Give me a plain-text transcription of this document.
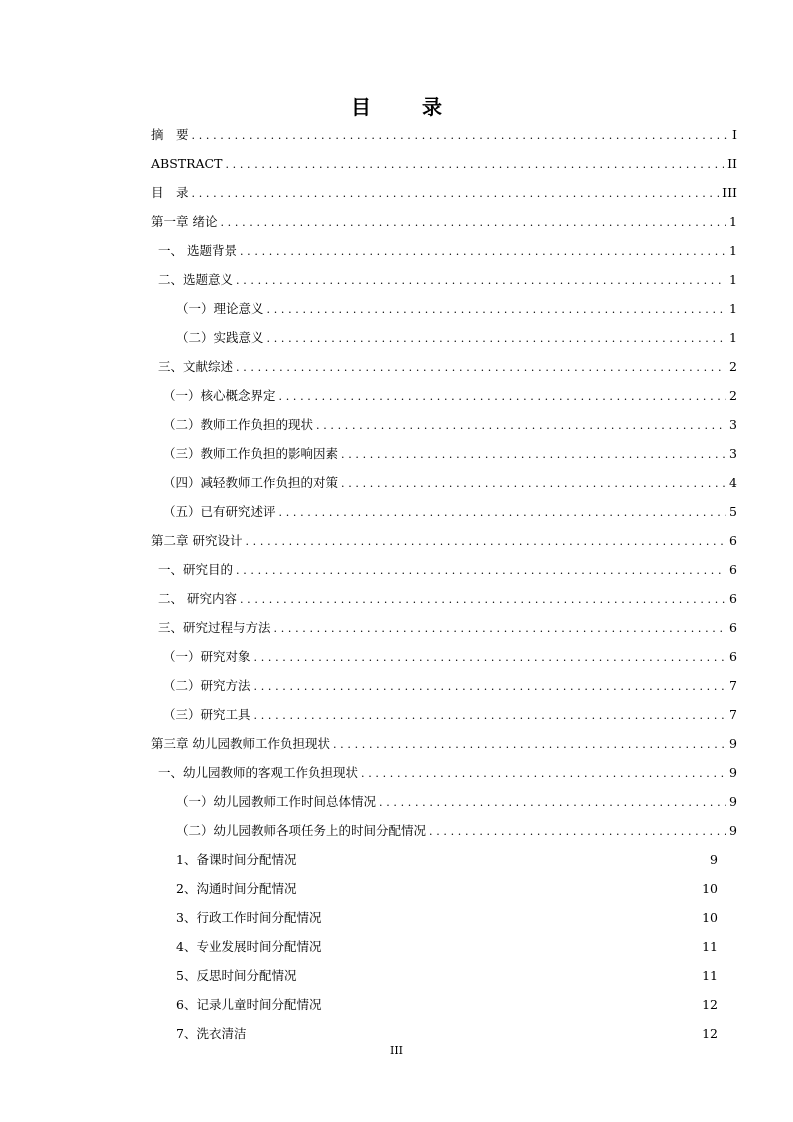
目 录
摘　要 . . .	I
ABSTRACT . . .	II
目　录 . . .	III
第一章 绪论 . . .	1
一、 选题背景 . . .	1
二、选题意义 . . .	1
（一）理论意义 . . .	1
（二）实践意义 . . .	1
三、文献综述 . . .	2
（一）核心概念界定 . . .	2
（二）教师工作负担的现状 . . .	3
（三）教师工作负担的影响因素 . . .	3
（四）减轻教师工作负担的对策 . . .	4
（五）已有研究述评 . . .	5
第二章 研究设计 . . .	6
一、研究目的 . . .	6
二、 研究内容 . . .	6
三、研究过程与方法 . . .	6
（一）研究对象 . . .	6
（二）研究方法 . . .	7
（三）研究工具 . . .	7
第三章 幼儿园教师工作负担现状 . . .	9
一、幼儿园教师的客观工作负担现状 . . .	9
（一）幼儿园教师工作时间总体情况 . . .	9
（二）幼儿园教师各项任务上的时间分配情况 . . .	9
1、备课时间分配情况	9
2、沟通时间分配情况	10
3、行政工作时间分配情况	10
4、专业发展时间分配情况	11
5、反思时间分配情况	11
6、记录儿童时间分配情况	12
7、洗衣清洁	12
III
